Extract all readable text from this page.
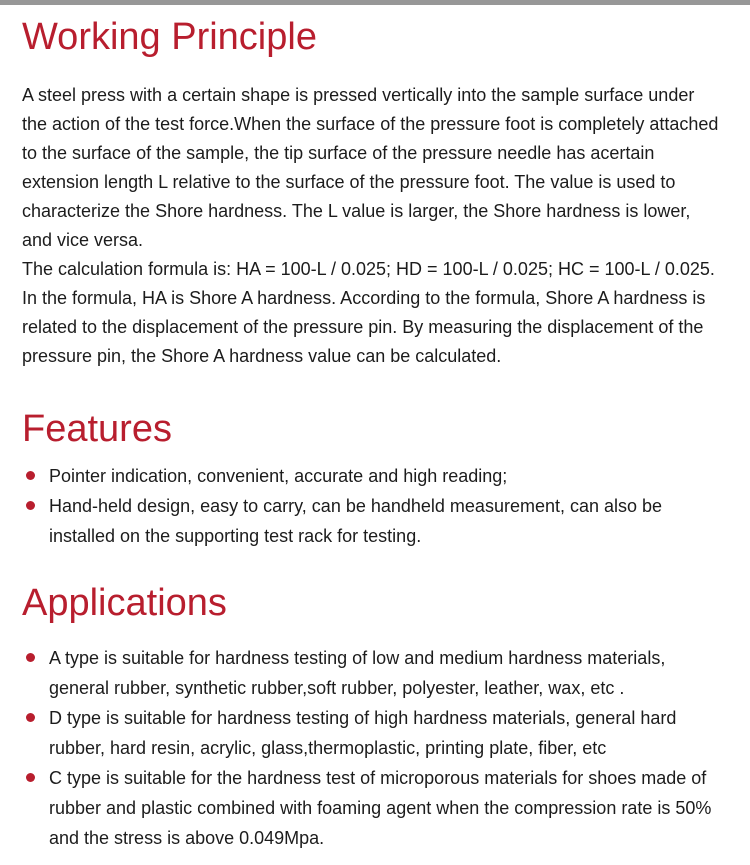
Working Principle

A steel press with a certain shape is pressed vertically into the sample surface under the action of the test force.When the surface of the pressure foot is completely attached to the surface of the sample, the tip surface of the pressure needle has acertain extension length L relative to the surface of the pressure foot. The value is used to characterize the Shore hardness. The L value is larger, the Shore hardness is lower, and vice versa.

The calculation formula is: HA = 100-L / 0.025; HD = 100-L / 0.025; HC = 100-L / 0.025. In the formula, HA is Shore A hardness. According to the formula, Shore A hardness is related to the displacement of the pressure pin. By measuring the displacement of the pressure pin, the Shore A hardness value can be calculated.

Features
Pointer indication, convenient, accurate and high reading;
Hand-held design, easy to carry, can be handheld measurement, can also be installed on the supporting test rack for testing.
Applications
A type is suitable for hardness testing of low and medium hardness materials, general rubber, synthetic rubber,soft rubber, polyester, leather, wax, etc .
D type is suitable for hardness testing of high hardness materials, general hard rubber, hard resin, acrylic, glass,thermoplastic, printing plate, fiber, etc
C type is suitable for the hardness test of microporous materials for shoes made of rubber and plastic combined with foaming agent when the compression rate is 50% and the stress is above 0.049Mpa.
